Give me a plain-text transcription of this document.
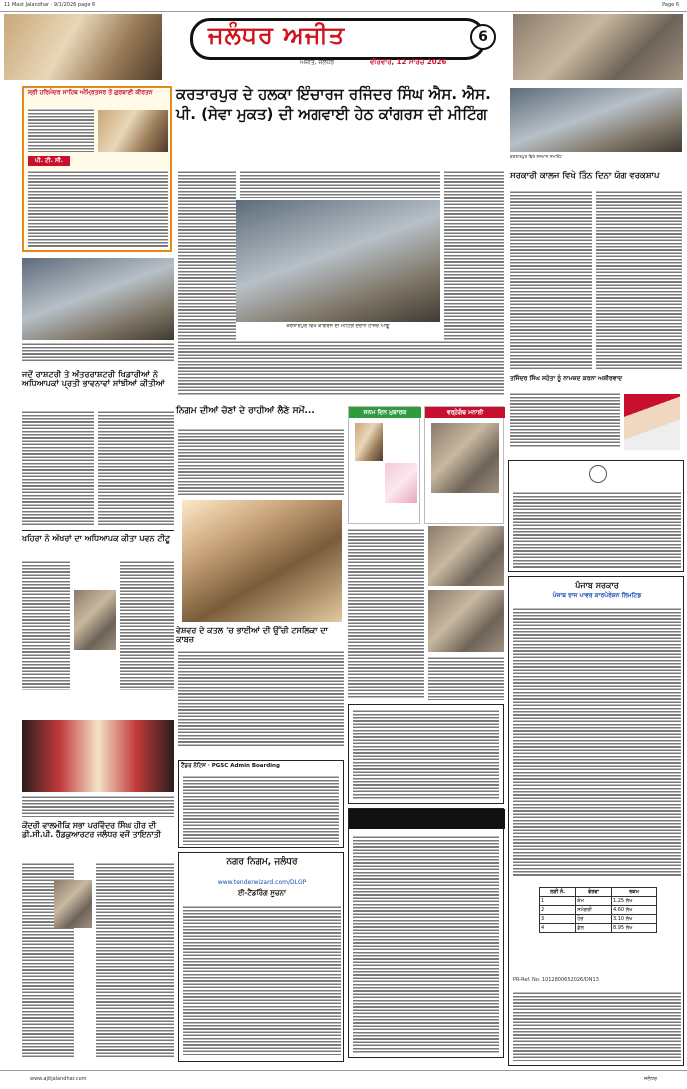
11 Mast Jalandhar · 9/1/2026 page 6	Page 6
ਜਲੰਧਰ ਅਜੀਤ	6
ਅਜੀਤ, ਜਲੰਧਰ	ਵੀਰਵਾਰ, 12 ਮਾਰਚ 2026
ਕਰਤਾਰਪੁਰ ਦੇ ਹਲਕਾ ਇੰਚਾਰਜ ਰਜਿੰਦਰ ਸਿੰਘ ਐਸ. ਐਸ. ਪੀ. (ਸੇਵਾ ਮੁਕਤ) ਦੀ ਅਗਵਾਈ ਹੇਠ ਕਾਂਗਰਸ ਦੀ ਮੀਟਿੰਗ
ਸ੍ਰੀ ਹਰਿਮੰਦਰ ਸਾਹਿਬ ਅੰਮ੍ਰਿਤਸਰ ਤੋਂ ਗੁਰਬਾਣੀ ਕੀਰਤਨ
ਪੀ. ਟੀ. ਸੀ.
ਜਦੋਂ ਰਾਸ਼ਟਰੀ ਤੇ ਅੰਤਰਰਾਸ਼ਟਰੀ ਖਿਡਾਰੀਆਂ ਨੇ ਅਧਿਆਪਕਾਂ ਪ੍ਰਤੀ ਭਾਵਨਾਵਾਂ ਸਾਂਝੀਆਂ ਕੀਤੀਆਂ
ਖਹਿਰਾ ਨੇ ਅੱਖਰਾਂ ਦਾ ਅਧਿਆਪਕ ਕੀਤਾ ਪਵਨ ਟੀਟੂ
ਕੇਂਦਰੀ ਵਾਲਮੀਕਿ ਸਭਾ ਪਰਵਿੰਦਰ ਸਿੰਘ ਹੀਰ ਦੀ ਡੀ.ਸੀ.ਪੀ. ਹੈੱਡਕੁਆਰਟਰ ਜਲੰਧਰ ਵਜੋਂ ਤਾਇਨਾਤੀ
ਕਰਤਾਰਪੁਰ ਵਿਖੇ ਕਾਂਗਰਸ ਦੀ ਮੀਟਿੰਗ ਦੌਰਾਨ ਹਾਜ਼ਰ ਆਗੂ
ਨਿਗਮ ਦੀਆਂ ਚੋਣਾਂ ਦੇ ਰਾਹੀਆਂ ਲੈਣੇ ਸਮੇਂ...
ਵੇਸ਼ਵਰ ਦੇ ਕਤਲ 'ਚ ਭਾਈਆਂ ਦੀ ਉੱਚੀ ਟਸਲਿਕਾ ਦਾ ਕਾਬਜ਼
ਜਨਮ ਦਿਨ ਮੁਬਾਰਕ	ਵਰ੍ਹੇਗੰਢ ਮਨਾਈ
ਟੈਂਡਰ ਨੋਟਿਸ · PGSC Admin Boarding
ਨਗਰ ਨਿਗਮ, ਜਲੰਧਰ
www.tenderwizard.com/DLGP
ਈ-ਟੈਂਡਰਿੰਗ ਸੂਚਨਾ
ਕਰਤਾਰਪੁਰ ਵਿਖੇ ਸਨਮਾਨ ਸਮਾਰੋਹ
ਸਰਕਾਰੀ ਕਾਲਜ ਵਿਖੇ ਤਿੰਨ ਦਿਨਾ ਯੋਗ ਵਰਕਸ਼ਾਪ
ਤਜਿੰਦਰ ਸਿੰਘ ਸਹੋਤਾ ਨੂੰ ਨਾਮਜ਼ਦ ਕਰਨਾ ਅਸ਼ੀਰਵਾਦ
ਪੰਜਾਬ ਸਰਕਾਰ
ਪੰਜਾਬ ਰਾਜ ਪਾਵਰ ਕਾਰਪੋਰੇਸ਼ਨ ਲਿਮਟਿਡ
ਲੜੀ ਨੰ.	ਵੇਰਵਾ	ਰਕਮ
1	ਕੰਮ	1.25 ਲੱਖ
2	ਸਮੱਗਰੀ	4.60 ਲੱਖ
3	ਹੋਰ	3.10 ਲੱਖ
4	ਕੁੱਲ	8.95 ਲੱਖ
PR-Ref. No. 1012800652026/DN13
www.ajitjalandhar.com	ਜਲੰਧਰ
